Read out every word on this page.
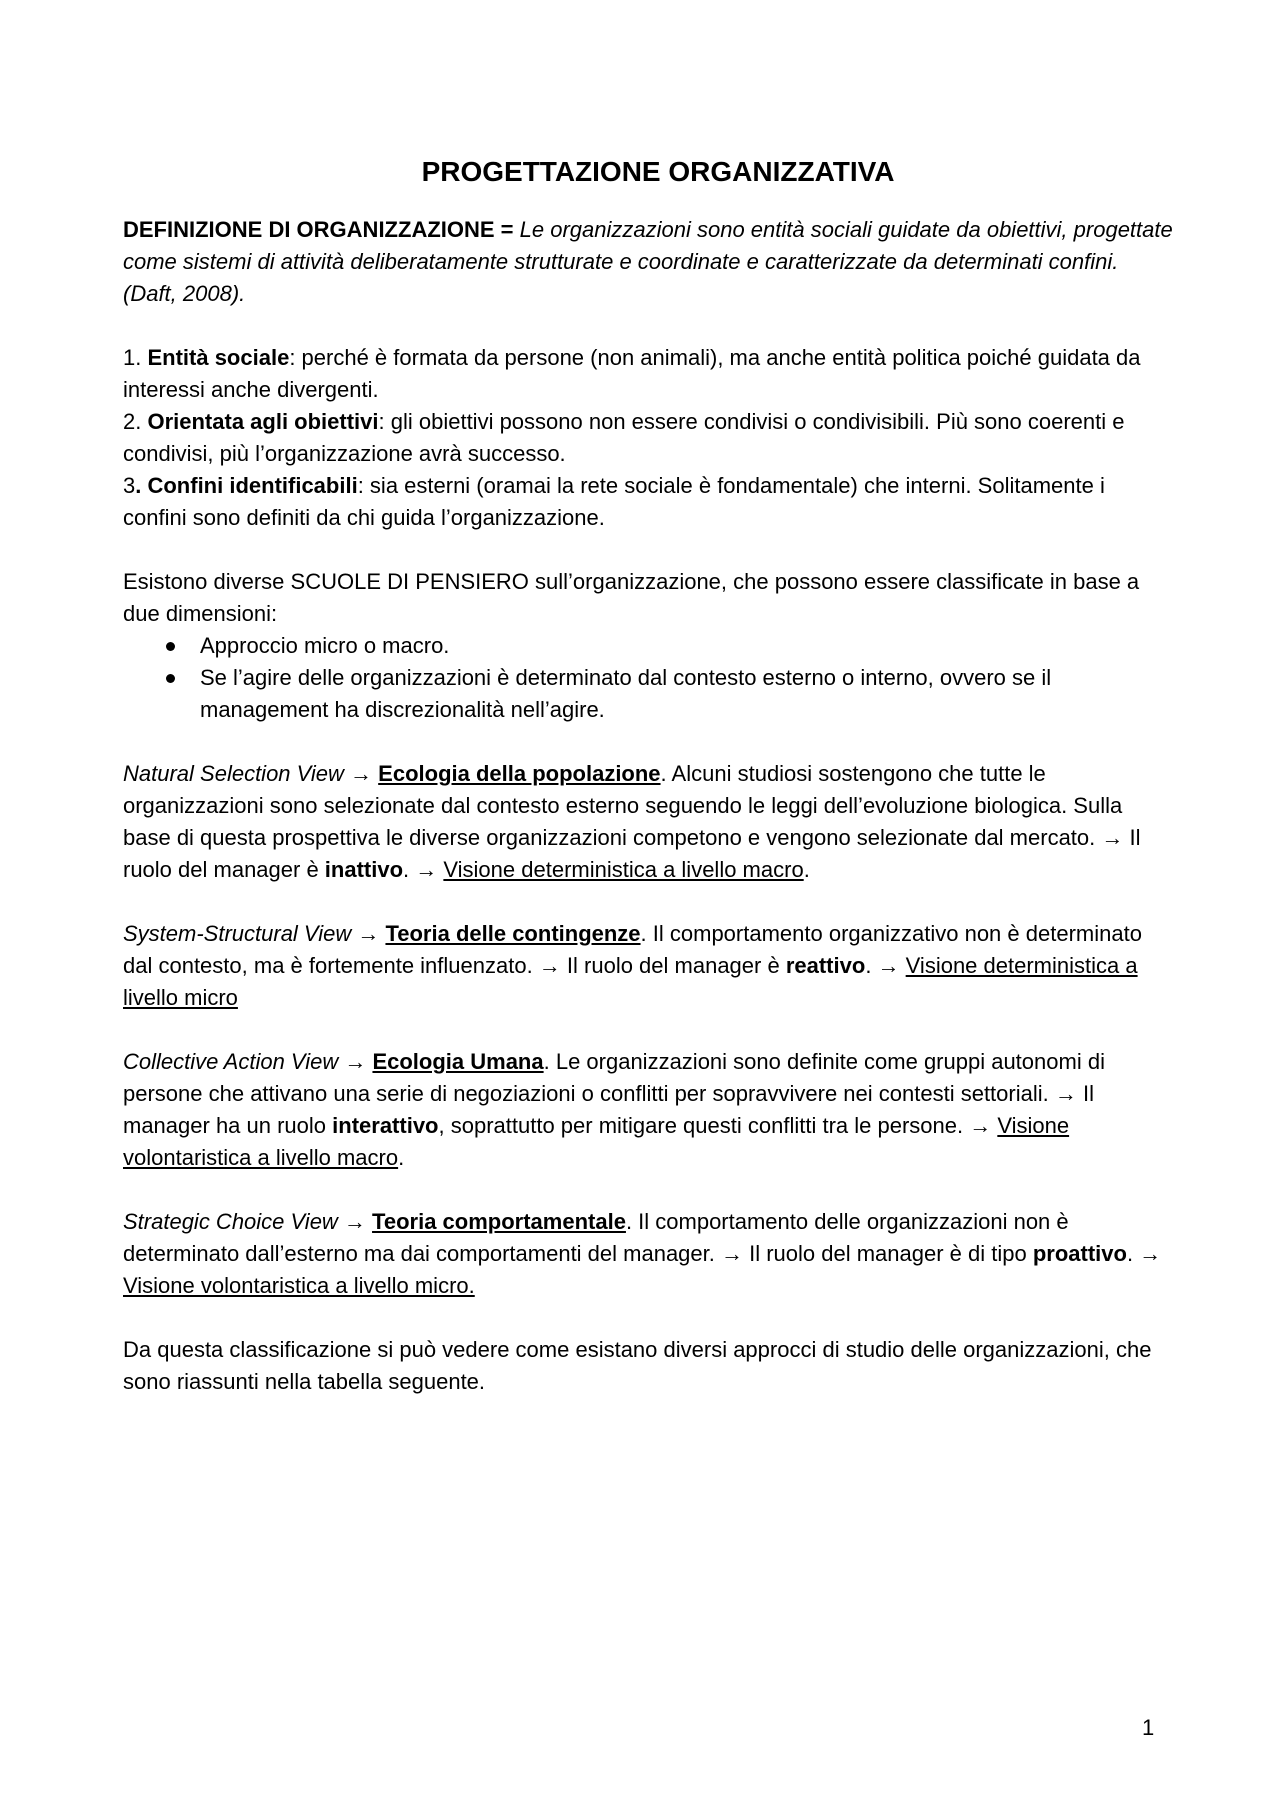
PROGETTAZIONE ORGANIZZATIVA

DEFINIZIONE DI ORGANIZZAZIONE = Le organizzazioni sono entità sociali guidate da obiettivi, progettate come sistemi di attività deliberatamente strutturate e coordinate e caratterizzate da determinati confini. (Daft, 2008).

1. Entità sociale: perché è formata da persone (non animali), ma anche entità politica poiché guidata da interessi anche divergenti.

2. Orientata agli obiettivi: gli obiettivi possono non essere condivisi o condivisibili. Più sono coerenti e condivisi, più l’organizzazione avrà successo.

3. Confini identificabili: sia esterni (oramai la rete sociale è fondamentale) che interni. Solitamente i confini sono definiti da chi guida l’organizzazione.

Esistono diverse SCUOLE DI PENSIERO sull’organizzazione, che possono essere classificate in base a due dimensioni:

Approccio micro o macro.
Se l’agire delle organizzazioni è determinato dal contesto esterno o interno, ovvero se il management ha discrezionalità nell’agire.

Natural Selection View → Ecologia della popolazione. Alcuni studiosi sostengono che tutte le organizzazioni sono selezionate dal contesto esterno seguendo le leggi dell’evoluzione biologica. Sulla base di questa prospettiva le diverse organizzazioni competono e vengono selezionate dal mercato. → Il ruolo del manager è inattivo. → Visione deterministica a livello macro.

System-Structural View → Teoria delle contingenze. Il comportamento organizzativo non è determinato dal contesto, ma è fortemente influenzato. → Il ruolo del manager è reattivo. → Visione deterministica a livello micro

Collective Action View → Ecologia Umana. Le organizzazioni sono definite come gruppi autonomi di persone che attivano una serie di negoziazioni o conflitti per sopravvivere nei contesti settoriali. → Il manager ha un ruolo interattivo, soprattutto per mitigare questi conflitti tra le persone. → Visione volontaristica a livello macro.

Strategic Choice View → Teoria comportamentale. Il comportamento delle organizzazioni non è determinato dall’esterno ma dai comportamenti del manager. → Il ruolo del manager è di tipo proattivo. → Visione volontaristica a livello micro.

Da questa classificazione si può vedere come esistano diversi approcci di studio delle organizzazioni, che sono riassunti nella tabella seguente.

1
